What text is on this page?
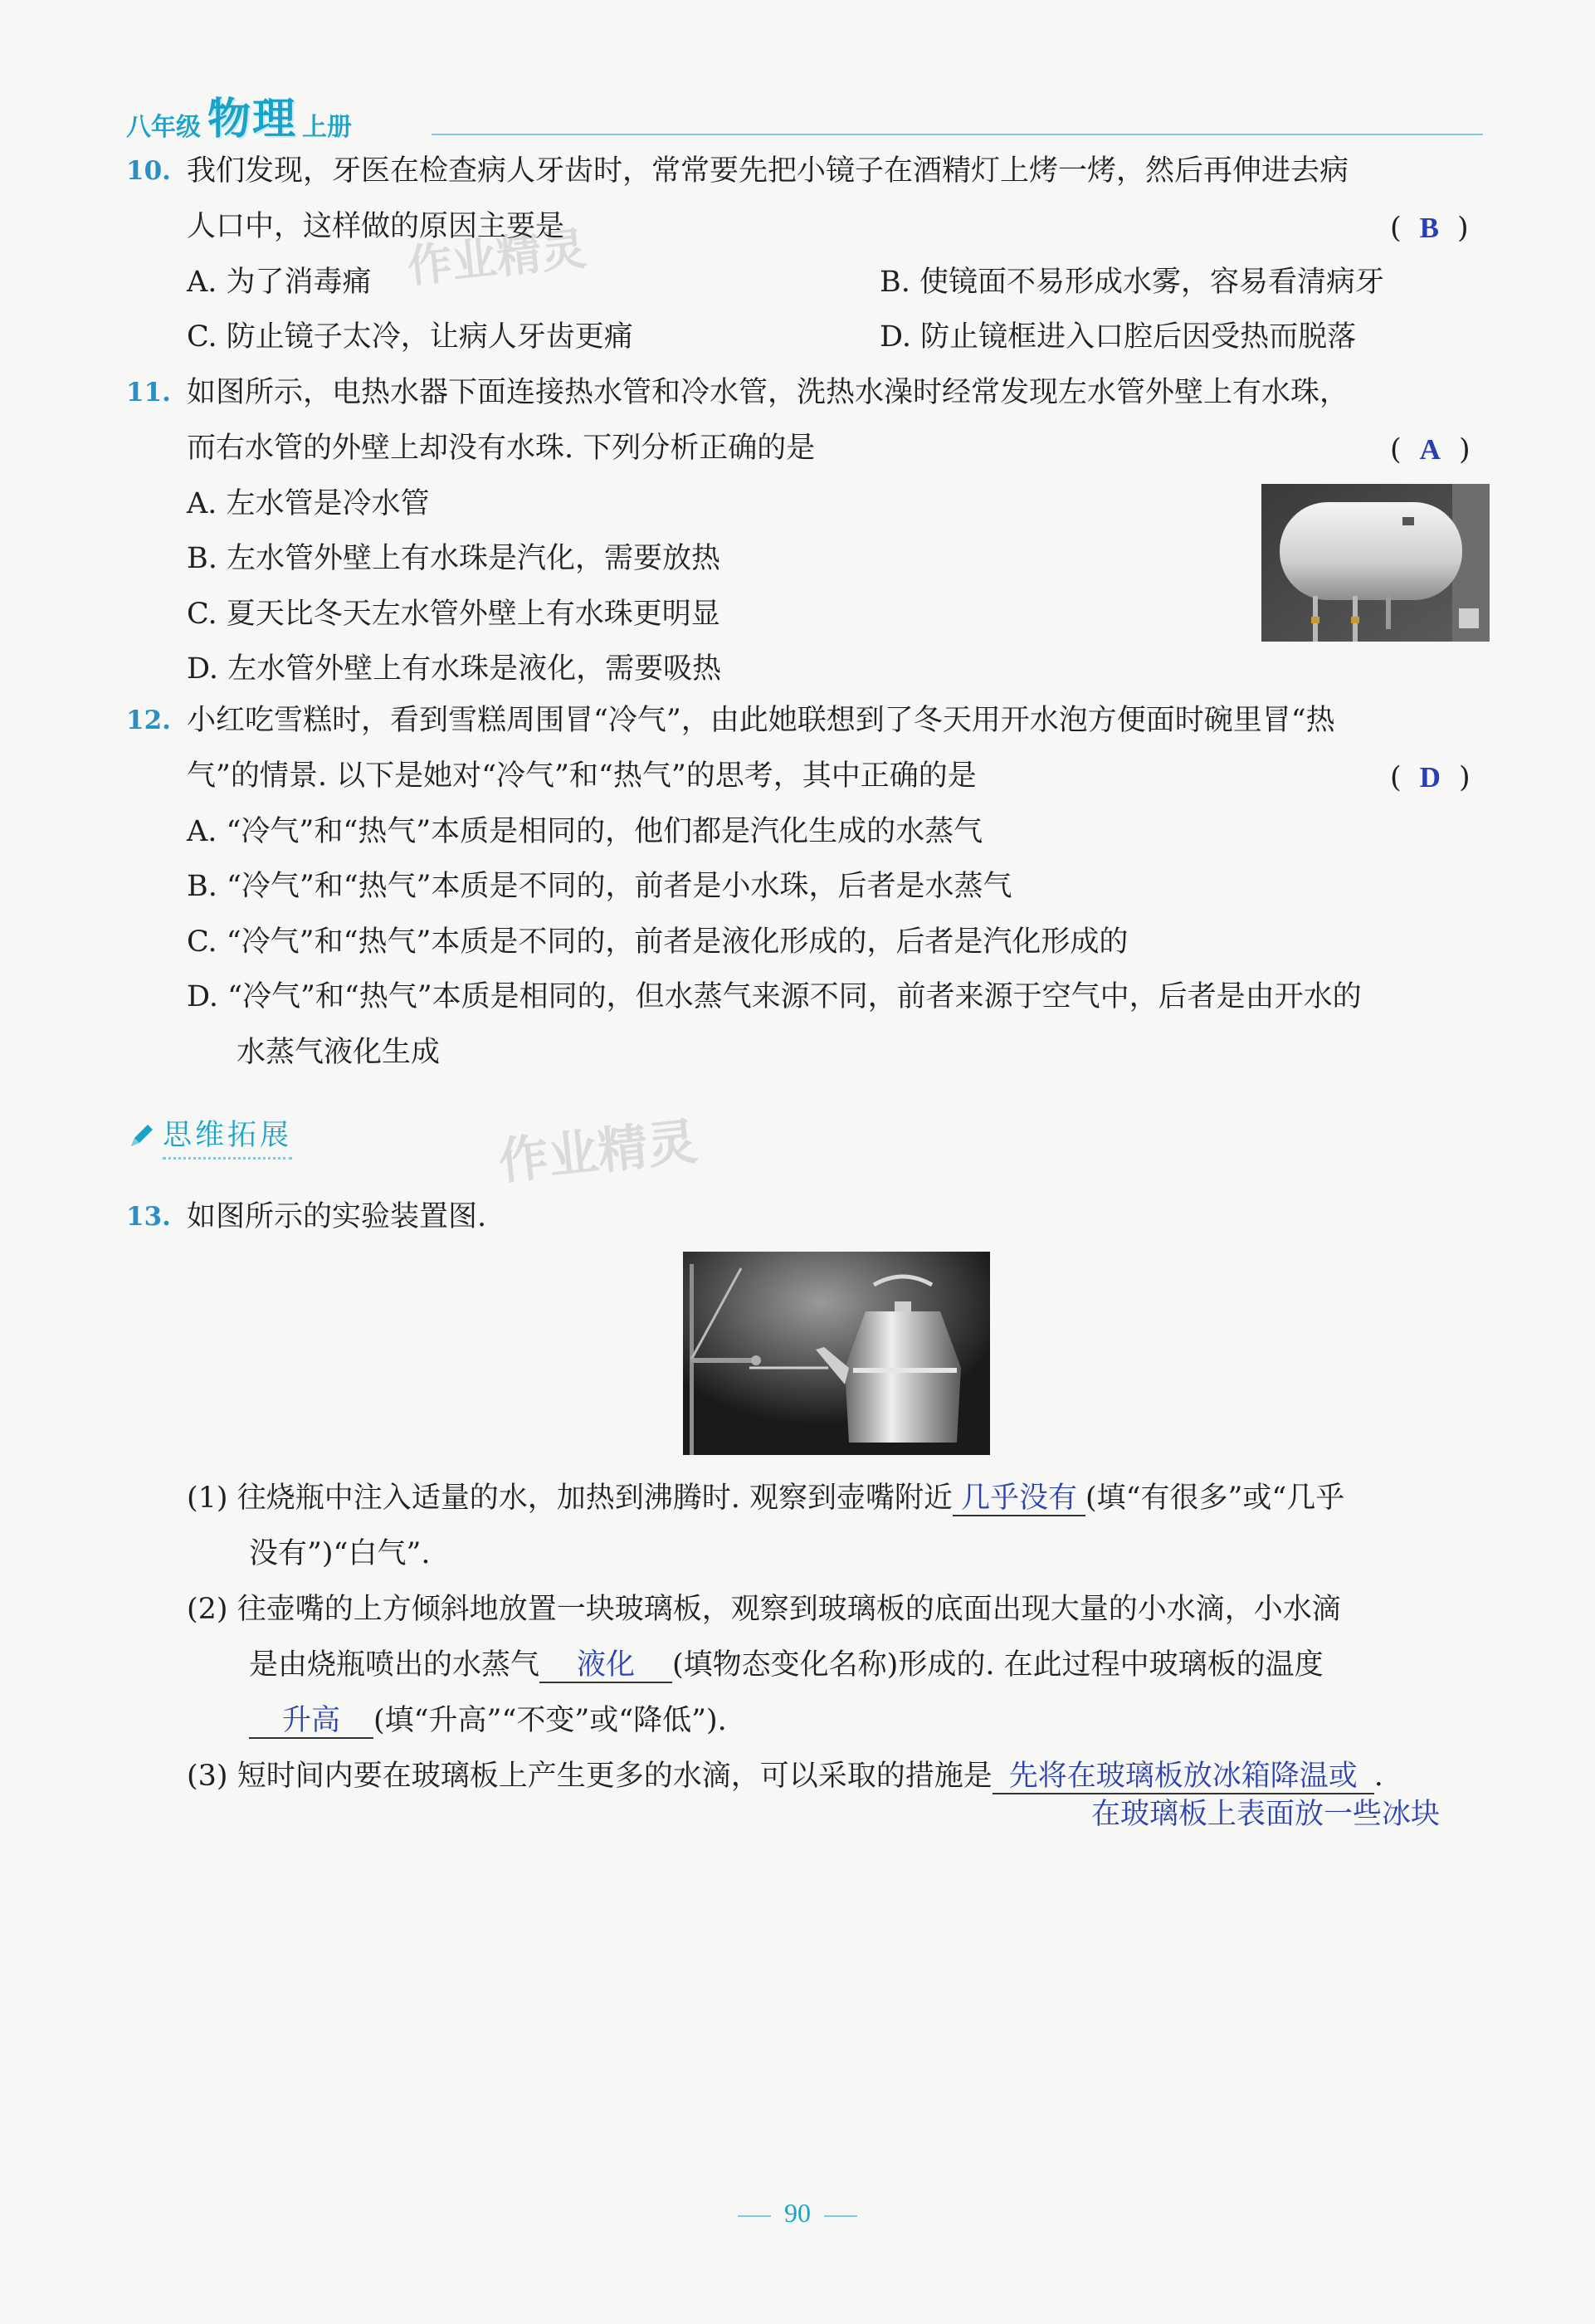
八年级 物理 上册
10. 我们发现，牙医在检查病人牙齿时，常常要先把小镜子在酒精灯上烤一烤，然后再伸进去病
人口中，这样做的原因主要是	( B )
A. 为了消毒痛	B. 使镜面不易形成水雾，容易看清病牙
C. 防止镜子太冷，让病人牙齿更痛	D. 防止镜框进入口腔后因受热而脱落
作业精灵
11. 如图所示，电热水器下面连接热水管和冷水管，洗热水澡时经常发现左水管外壁上有水珠，
而右水管的外壁上却没有水珠. 下列分析正确的是	( A )
A. 左水管是冷水管
B. 左水管外壁上有水珠是汽化，需要放热
C. 夏天比冬天左水管外壁上有水珠更明显
D. 左水管外壁上有水珠是液化，需要吸热
12. 小红吃雪糕时，看到雪糕周围冒“冷气”，由此她联想到了冬天用开水泡方便面时碗里冒“热
气”的情景. 以下是她对“冷气”和“热气”的思考，其中正确的是	( D )
A. “冷气”和“热气”本质是相同的，他们都是汽化生成的水蒸气
B. “冷气”和“热气”本质是不同的，前者是小水珠，后者是水蒸气
C. “冷气”和“热气”本质是不同的，前者是液化形成的，后者是汽化形成的
D. “冷气”和“热气”本质是相同的，但水蒸气来源不同，前者来源于空气中，后者是由开水的
水蒸气液化生成
思维拓展	作业精灵
13. 如图所示的实验装置图.
(1) 往烧瓶中注入适量的水，加热到沸腾时. 观察到壶嘴附近 几乎没有 (填“有很多”或“几乎
没有”)“白气”.
(2) 往壶嘴的上方倾斜地放置一块玻璃板，观察到玻璃板的底面出现大量的小水滴，小水滴
是由烧瓶喷出的水蒸气 液化 (填物态变化名称)形成的. 在此过程中玻璃板的温度
升高 (填“升高”“不变”或“降低”).
(3) 短时间内要在玻璃板上产生更多的水滴，可以采取的措施是 先将在玻璃板放冰箱降温或 .
在玻璃板上表面放一些冰块
90
